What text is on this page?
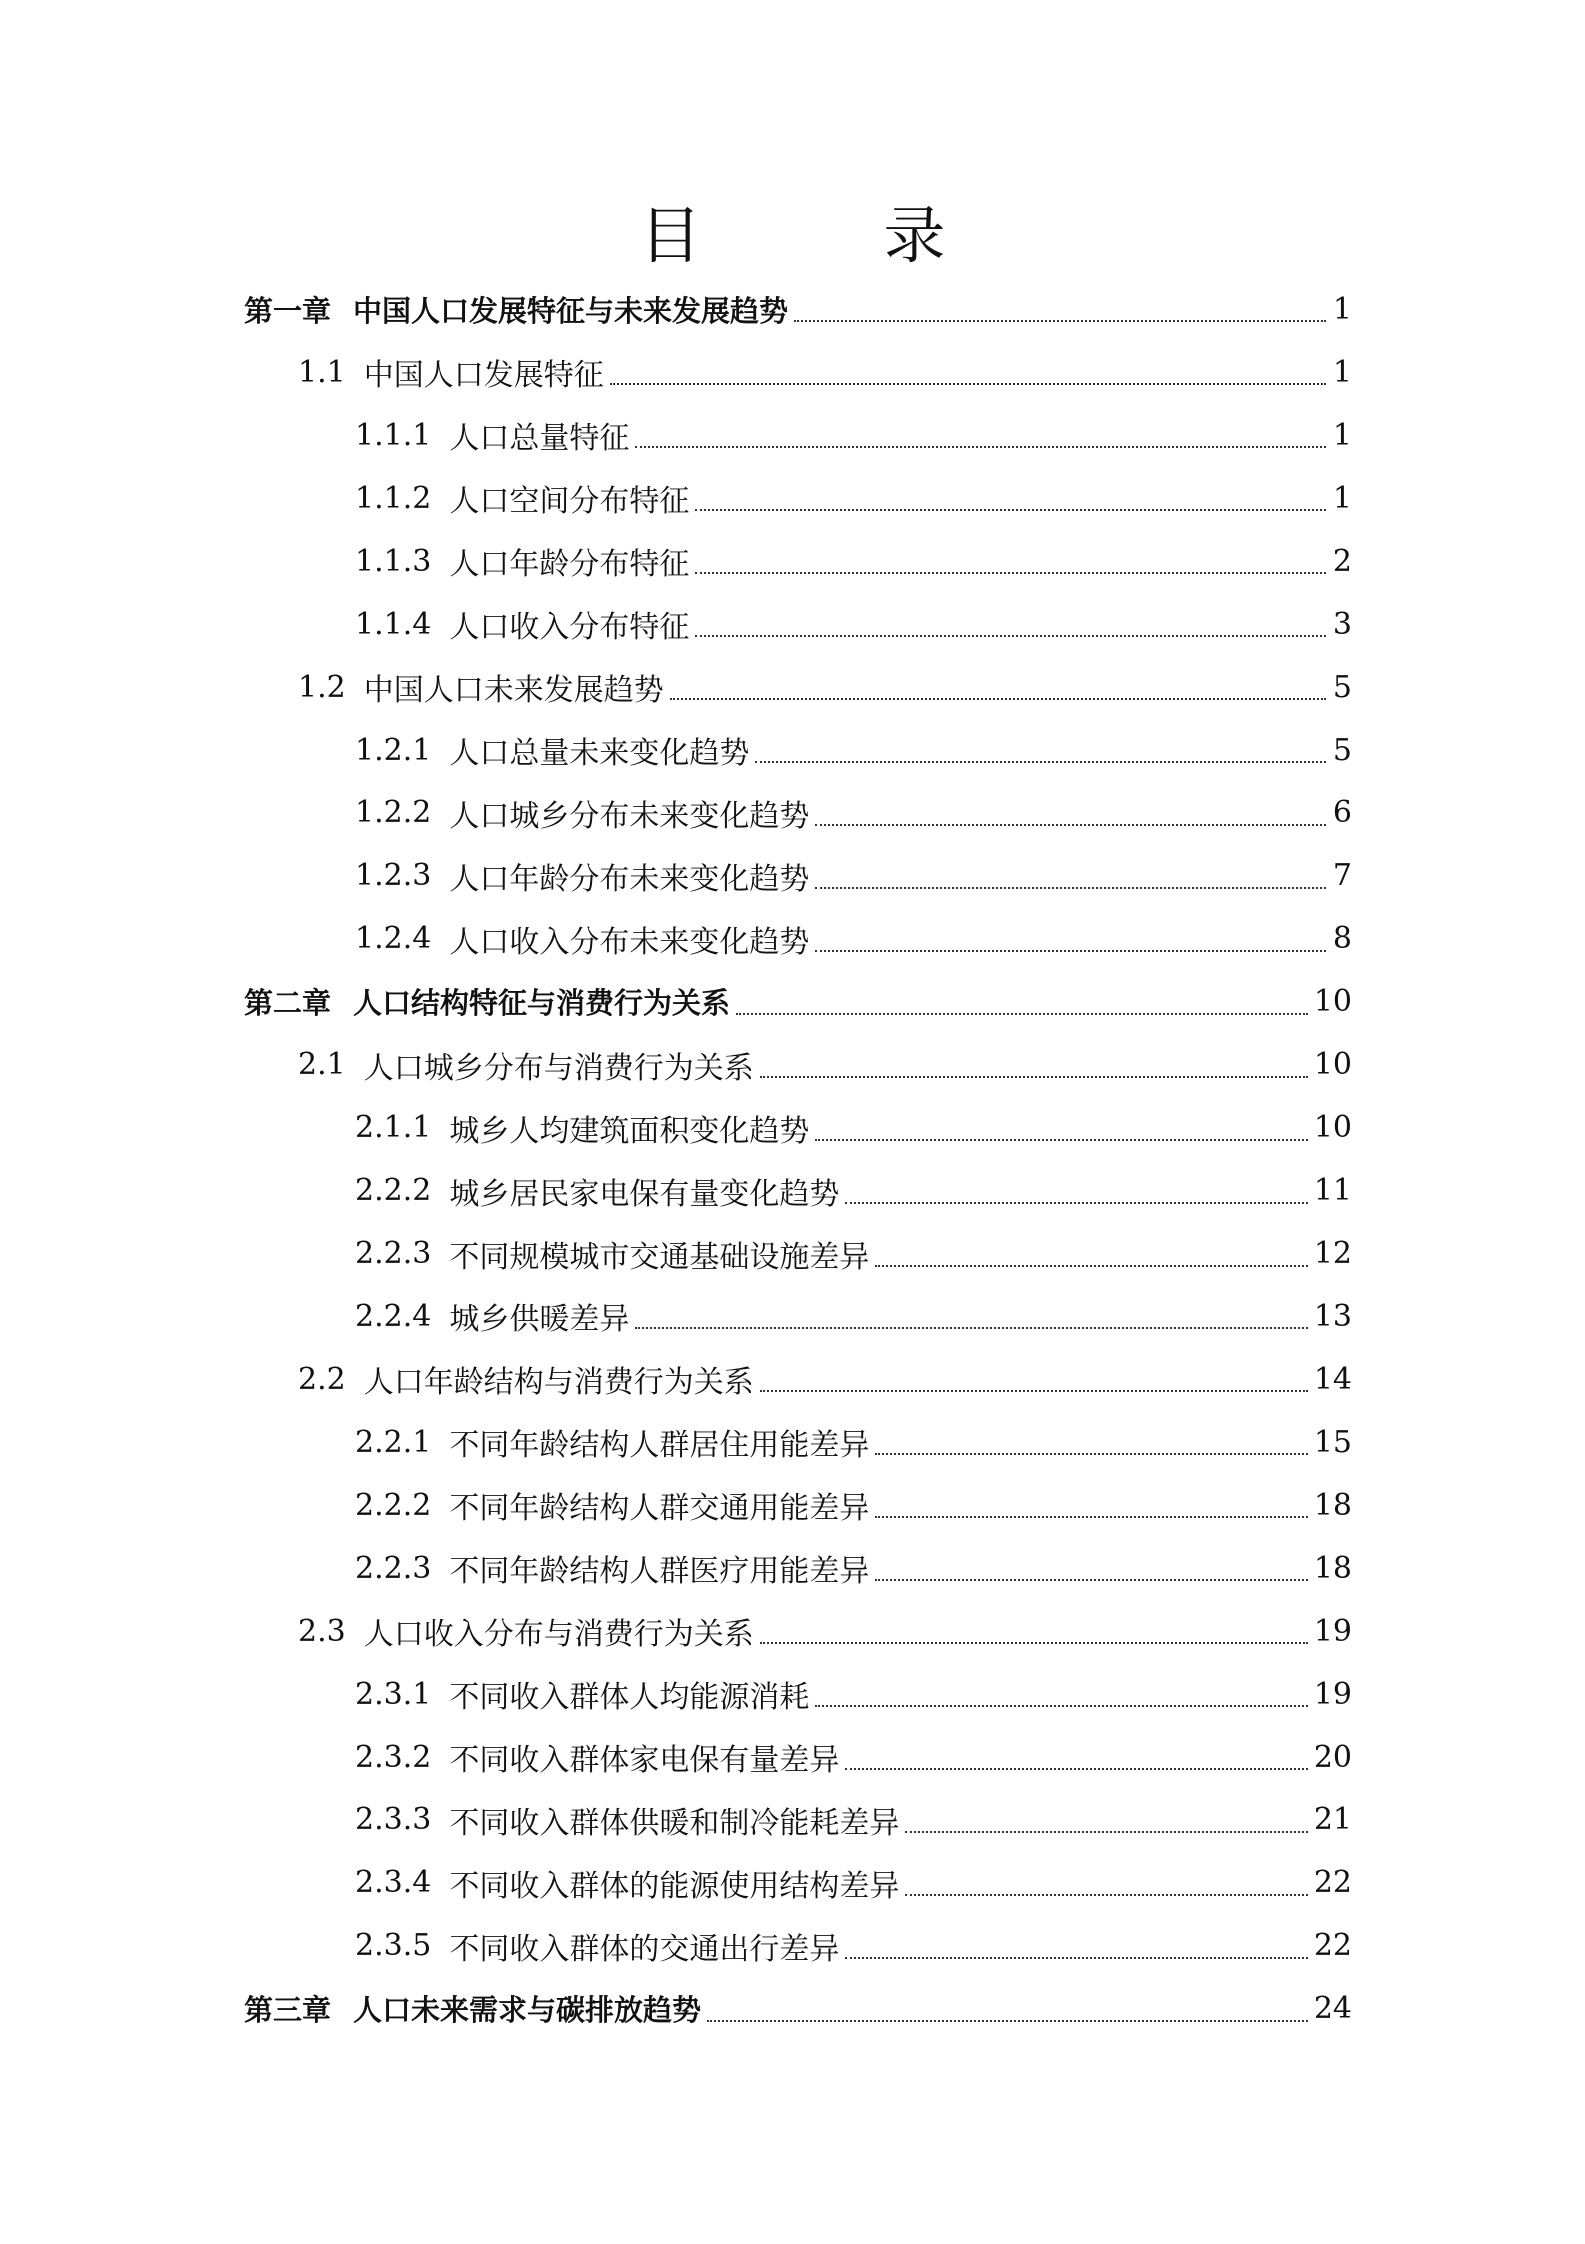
目　录
第一章 中国人口发展特征与未来发展趋势	1
1.1 中国人口发展特征	1
1.1.1 人口总量特征	1
1.1.2 人口空间分布特征	1
1.1.3 人口年龄分布特征	2
1.1.4 人口收入分布特征	3
1.2 中国人口未来发展趋势	5
1.2.1 人口总量未来变化趋势	5
1.2.2 人口城乡分布未来变化趋势	6
1.2.3 人口年龄分布未来变化趋势	7
1.2.4 人口收入分布未来变化趋势	8
第二章 人口结构特征与消费行为关系	10
2.1 人口城乡分布与消费行为关系	10
2.1.1 城乡人均建筑面积变化趋势	10
2.2.2 城乡居民家电保有量变化趋势	11
2.2.3 不同规模城市交通基础设施差异	12
2.2.4 城乡供暖差异	13
2.2 人口年龄结构与消费行为关系	14
2.2.1 不同年龄结构人群居住用能差异	15
2.2.2 不同年龄结构人群交通用能差异	18
2.2.3 不同年龄结构人群医疗用能差异	18
2.3 人口收入分布与消费行为关系	19
2.3.1 不同收入群体人均能源消耗	19
2.3.2 不同收入群体家电保有量差异	20
2.3.3 不同收入群体供暖和制冷能耗差异	21
2.3.4 不同收入群体的能源使用结构差异	22
2.3.5 不同收入群体的交通出行差异	22
第三章 人口未来需求与碳排放趋势	24
